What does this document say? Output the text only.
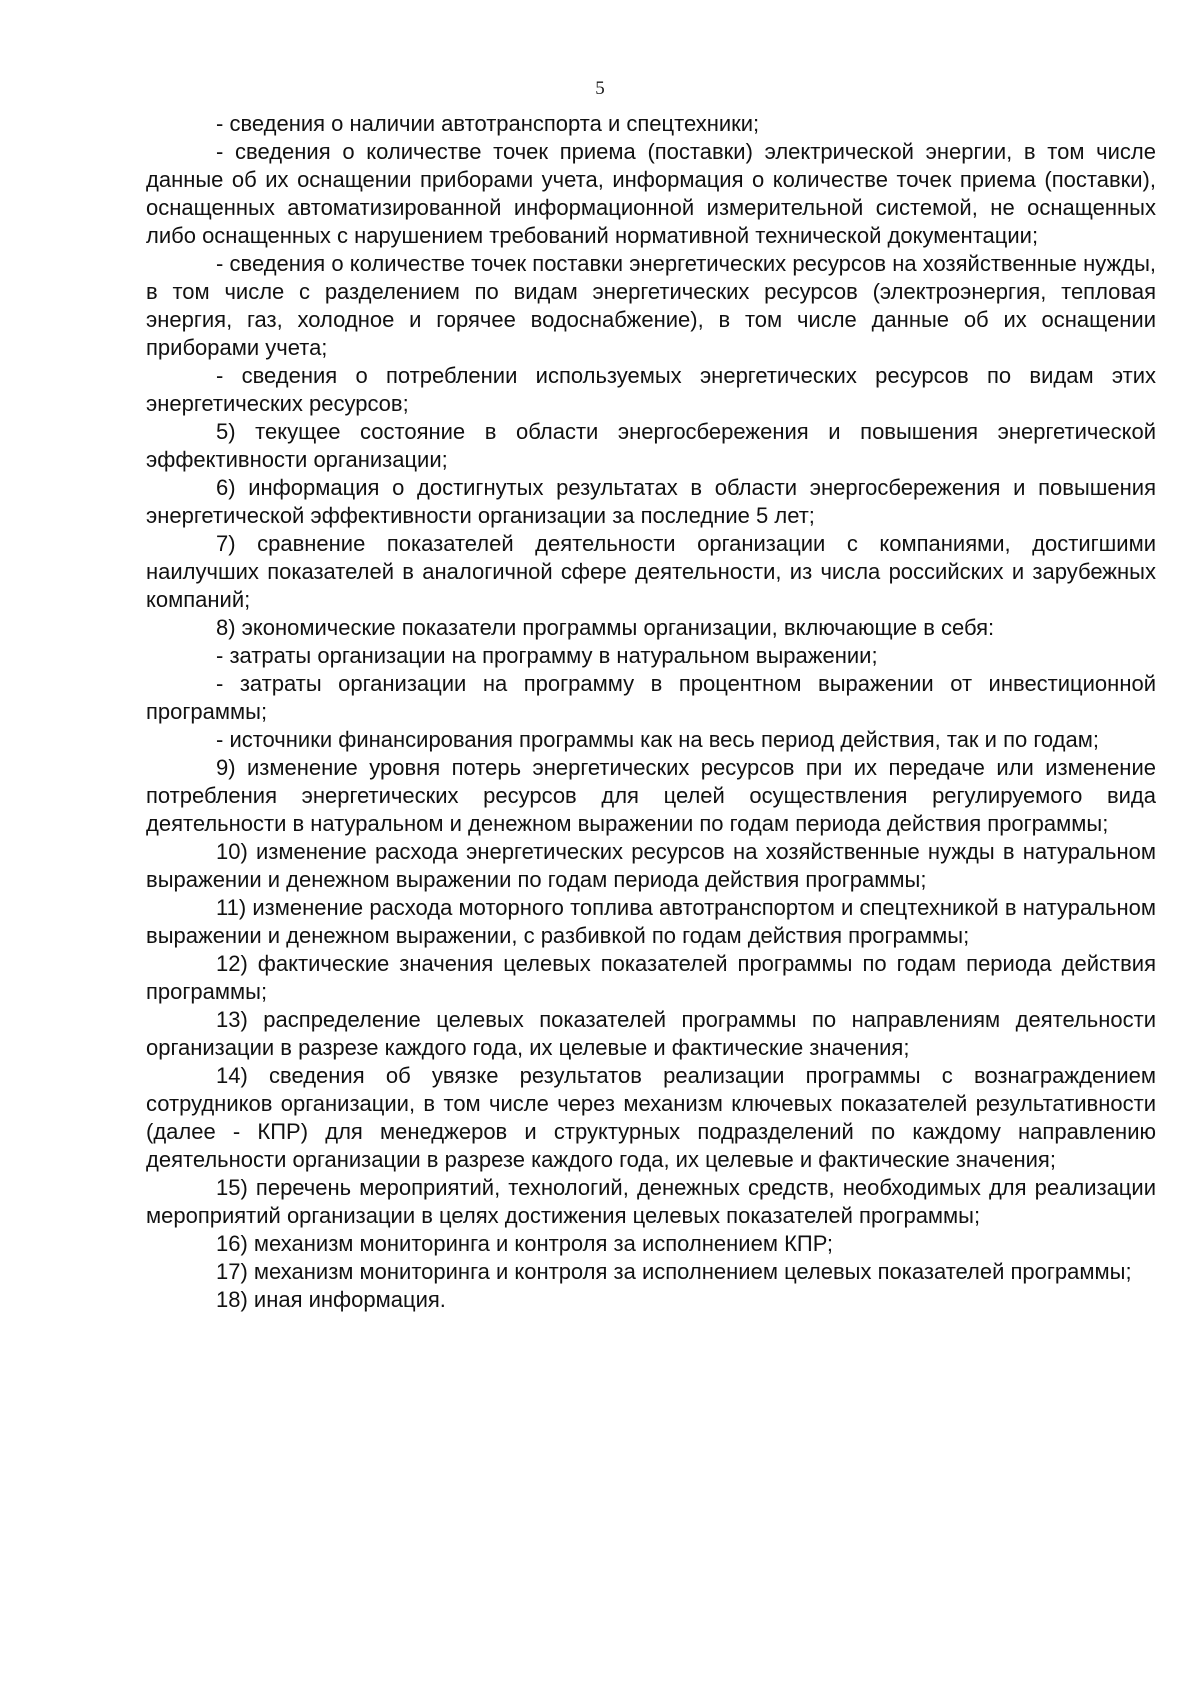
5

- сведения о наличии автотранспорта и спецтехники;

- сведения о количестве точек приема (поставки) электрической энергии, в том числе данные об их оснащении приборами учета, информация о количестве точек приема (поставки), оснащенных автоматизированной информационной измерительной системой, не оснащенных либо оснащенных с нарушением требований нормативной технической документации;

- сведения о количестве точек поставки энергетических ресурсов на хозяйственные нужды, в том числе с разделением по видам энергетических ресурсов (электроэнергия, тепловая энергия, газ, холодное и горячее водоснабжение), в том числе данные об их оснащении приборами учета;

- сведения о потреблении используемых энергетических ресурсов по видам этих энергетических ресурсов;

5) текущее состояние в области энергосбережения и повышения энергетической эффективности организации;

6) информация о достигнутых результатах в области энергосбережения и повышения энергетической эффективности организации за последние 5 лет;

7) сравнение показателей деятельности организации с компаниями, достигшими наилучших показателей в аналогичной сфере деятельности, из числа российских и зарубежных компаний;

8) экономические показатели программы организации, включающие в себя:

- затраты организации на программу в натуральном выражении;

- затраты организации на программу в процентном выражении от инвестиционной программы;

- источники финансирования программы как на весь период действия, так и по годам;

9) изменение уровня потерь энергетических ресурсов при их передаче или изменение потребления энергетических ресурсов для целей осуществления регулируемого вида деятельности в натуральном и денежном выражении по годам периода действия программы;

10) изменение расхода энергетических ресурсов на хозяйственные нужды в натуральном выражении и денежном выражении по годам периода действия программы;

11) изменение расхода моторного топлива автотранспортом и спецтехникой в натуральном выражении и денежном выражении, с разбивкой по годам действия программы;

12) фактические значения целевых показателей программы по годам периода действия программы;

13) распределение целевых показателей программы по направлениям деятельности организации в разрезе каждого года, их целевые и фактические значения;

14) сведения об увязке результатов реализации программы с вознаграждением сотрудников организации, в том числе через механизм ключевых показателей результативности (далее - КПР) для менеджеров и структурных подразделений по каждому направлению деятельности организации в разрезе каждого года, их целевые и фактические значения;

15) перечень мероприятий, технологий, денежных средств, необходимых для реализации мероприятий организации в целях достижения целевых показателей программы;

16) механизм мониторинга и контроля за исполнением КПР;

17) механизм мониторинга и контроля за исполнением целевых показателей программы;

18) иная информация.
